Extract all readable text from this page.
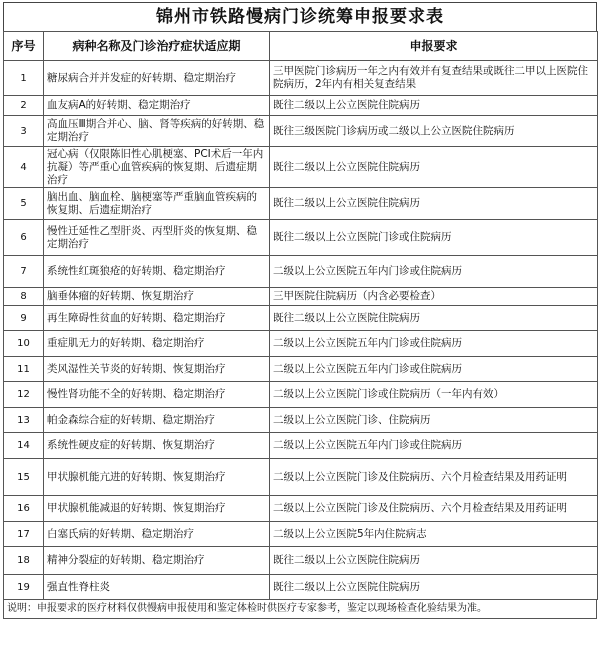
锦州市铁路慢病门诊统筹申报要求表
序号	病种名称及门诊治疗症状适应期	申报要求
1	糖尿病合并并发症的好转期、稳定期治疗	三甲医院门诊病历一年之内有效并有复查结果或既往二甲以上医院住院病历，2年内有相关复查结果
2	血友病A的好转期、稳定期治疗	既往二级以上公立医院住院病历
3	高血压Ⅲ期合并心、脑、肾等疾病的好转期、稳定期治疗	既往三级医院门诊病历或二级以上公立医院住院病历
4	冠心病（仅限陈旧性心肌梗塞、PCI术后一年内抗凝）等严重心血管疾病的恢复期、后遗症期治疗	既往二级以上公立医院住院病历
5	脑出血、脑血栓、脑梗塞等严重脑血管疾病的恢复期、后遗症期治疗	既往二级以上公立医院住院病历
6	慢性迁延性乙型肝炎、丙型肝炎的恢复期、稳定期治疗	既往二级以上公立医院门诊或住院病历
7	系统性红斑狼疮的好转期、稳定期治疗	二级以上公立医院五年内门诊或住院病历
8	脑垂体瘤的好转期、恢复期治疗	三甲医院住院病历（内含必要检查）
9	再生障碍性贫血的好转期、稳定期治疗	既往二级以上公立医院住院病历
10	重症肌无力的好转期、稳定期治疗	二级以上公立医院五年内门诊或住院病历
11	类风湿性关节炎的好转期、恢复期治疗	二级以上公立医院五年内门诊或住院病历
12	慢性肾功能不全的好转期、稳定期治疗	二级以上公立医院门诊或住院病历（一年内有效）
13	帕金森综合症的好转期、稳定期治疗	二级以上公立医院门诊、住院病历
14	系统性硬皮症的好转期、恢复期治疗	二级以上公立医院五年内门诊或住院病历
15	甲状腺机能亢进的好转期、恢复期治疗	二级以上公立医院门诊及住院病历、六个月检查结果及用药证明
16	甲状腺机能减退的好转期、恢复期治疗	二级以上公立医院门诊及住院病历、六个月检查结果及用药证明
17	白塞氏病的好转期、稳定期治疗	二级以上公立医院5年内住院病志
18	精神分裂症的好转期、稳定期治疗	既往二级以上公立医院住院病历
19	强直性脊柱炎	既往二级以上公立医院住院病历
说明：申报要求的医疗材料仅供慢病申报使用和鉴定体检时供医疗专家参考，鉴定以现场检查化验结果为准。
